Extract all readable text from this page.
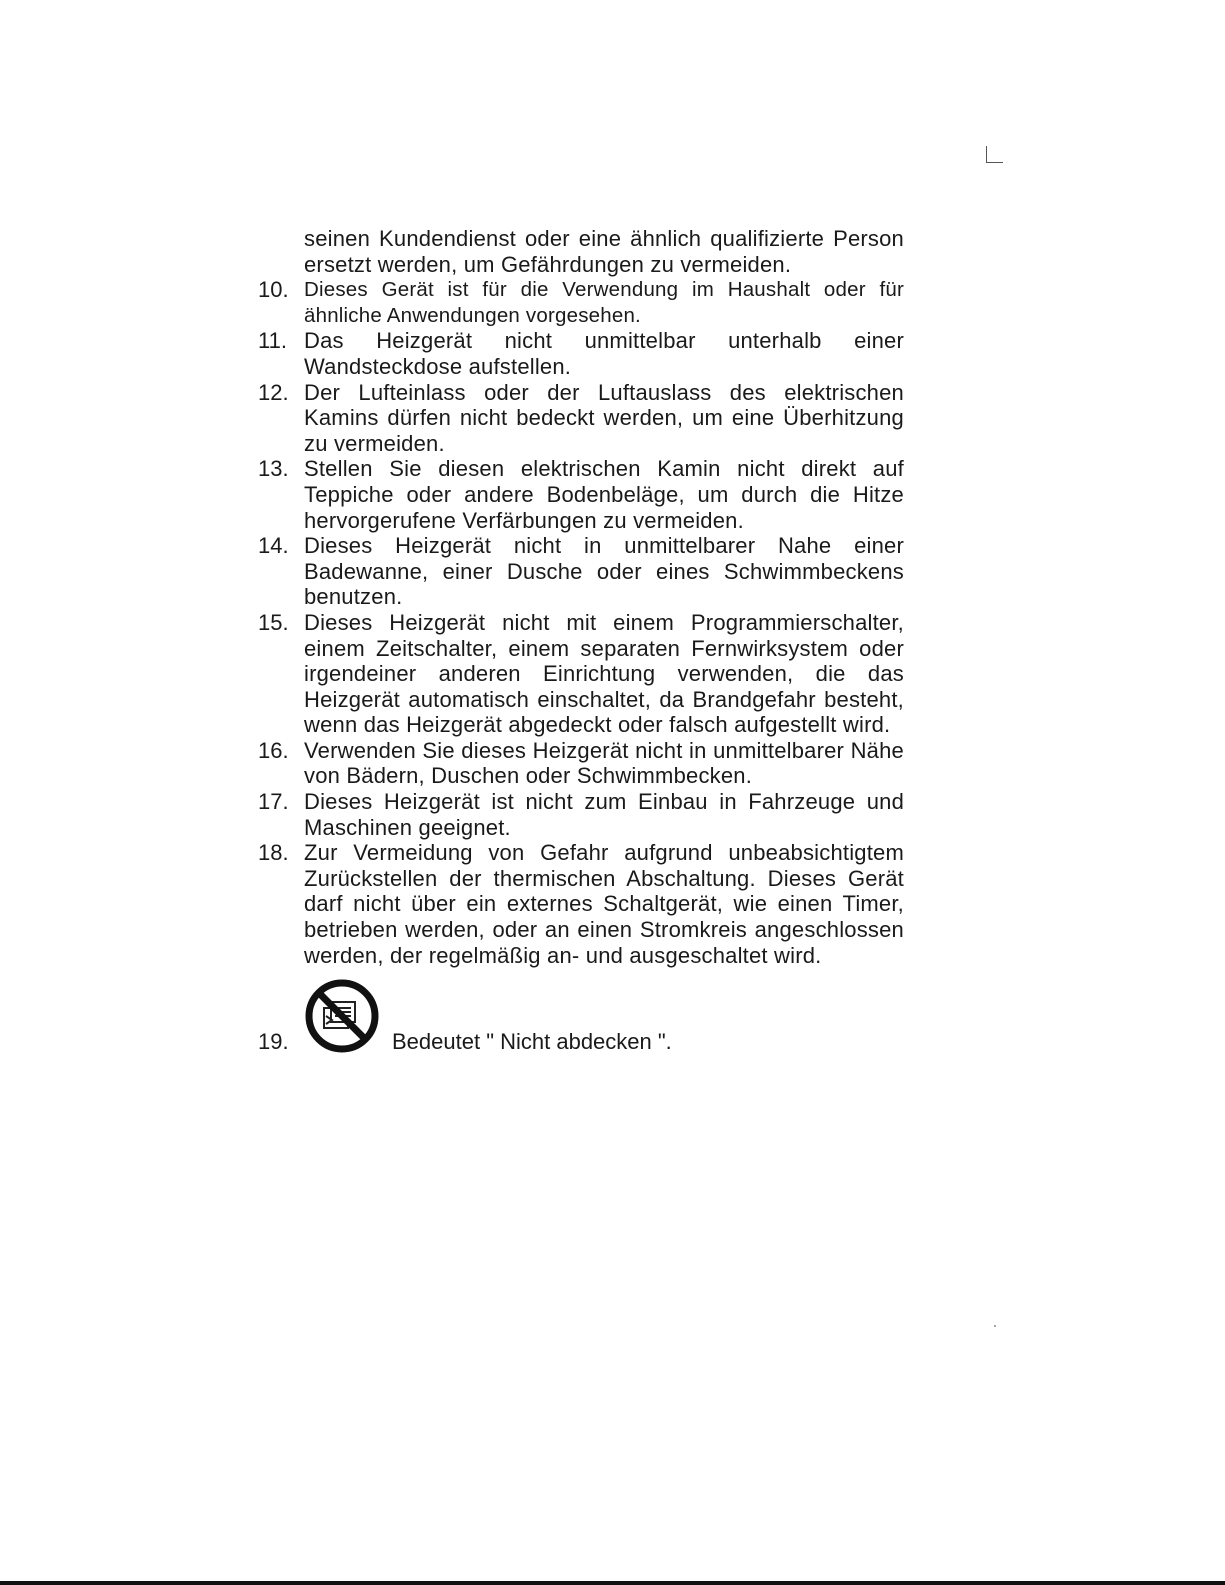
seinen Kundendienst oder eine ähnlich qualifizierte Person ersetzt werden, um Gefährdungen zu vermeiden.
10. Dieses Gerät ist für die Verwendung im Haushalt oder für ähnliche Anwendungen vorgesehen.
11. Das Heizgerät nicht unmittelbar unterhalb einer Wandsteckdose aufstellen.
12. Der Lufteinlass oder der Luftauslass des elektrischen Kamins dürfen nicht bedeckt werden, um eine Überhitzung zu vermeiden.
13. Stellen Sie diesen elektrischen Kamin nicht direkt auf Teppiche oder andere Bodenbeläge, um durch die Hitze hervorgerufene Verfärbungen zu vermeiden.
14. Dieses Heizgerät nicht in unmittelbarer Nahe einer Badewanne, einer Dusche oder eines Schwimmbeckens benutzen.
15. Dieses Heizgerät nicht mit einem Programmierschalter, einem Zeitschalter, einem separaten Fernwirksystem oder irgendeiner anderen Einrichtung verwenden, die das Heizgerät automatisch einschaltet, da Brandgefahr besteht, wenn das Heizgerät abgedeckt oder falsch aufgestellt wird.
16. Verwenden Sie dieses Heizgerät nicht in unmittelbarer Nähe von Bädern, Duschen oder Schwimmbecken.
17. Dieses Heizgerät ist nicht zum Einbau in Fahrzeuge und Maschinen geeignet.
18. Zur Vermeidung von Gefahr aufgrund unbeabsichtigtem Zurückstellen der thermischen Abschaltung. Dieses Gerät darf nicht über ein externes Schaltgerät, wie einen Timer, betrieben werden, oder an einen Stromkreis angeschlossen werden, der regelmäßig an- und ausgeschaltet wird.
19.	Bedeutet " Nicht abdecken ".
